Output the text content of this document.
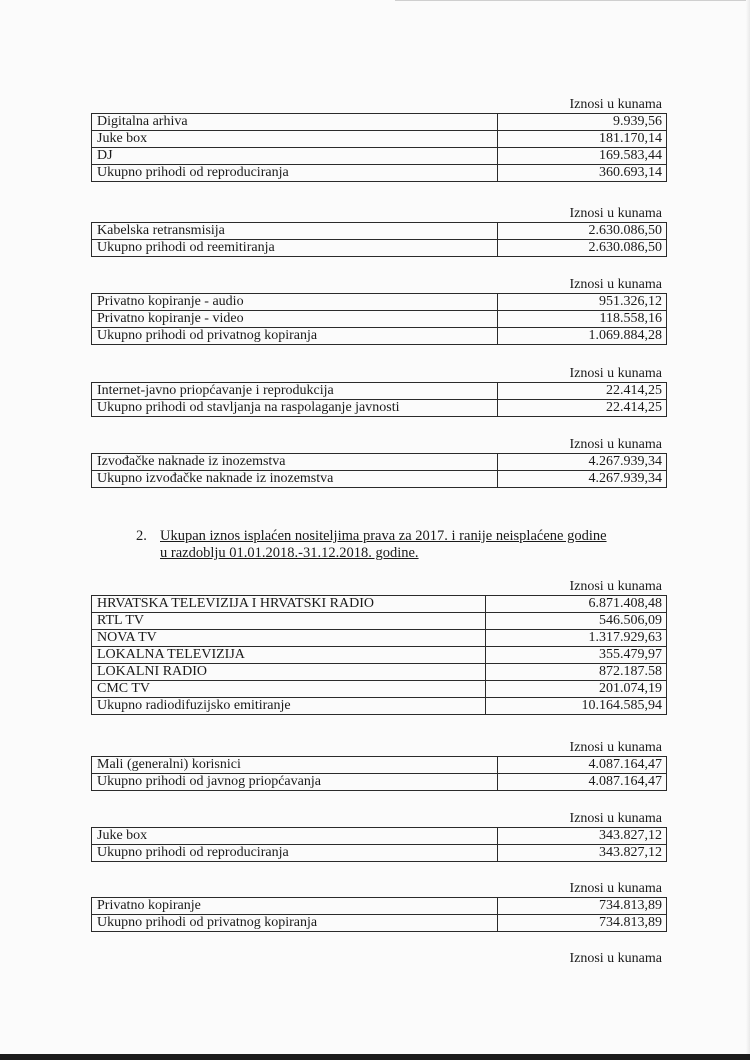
Iznosi u kunama
Digitalna arhiva	9.939,56
Juke box	181.170,14
DJ	169.583,44
Ukupno prihodi od reproduciranja	360.693,14
Iznosi u kunama
Kabelska retransmisija	2.630.086,50
Ukupno prihodi od reemitiranja	2.630.086,50
Iznosi u kunama
Privatno kopiranje - audio	951.326,12
Privatno kopiranje - video	118.558,16
Ukupno prihodi od privatnog kopiranja	1.069.884,28
Iznosi u kunama
Internet-javno priopćavanje i reprodukcija	22.414,25
Ukupno prihodi od stavljanja na raspolaganje javnosti	22.414,25
Iznosi u kunama
Izvođačke naknade iz inozemstva	4.267.939,34
Ukupno izvođačke naknade iz inozemstva	4.267.939,34
2. Ukupan iznos isplaćen nositeljima prava za 2017. i ranije neisplaćene godine
u razdoblju 01.01.2018.-31.12.2018. godine.
Iznosi u kunama
HRVATSKA TELEVIZIJA I HRVATSKI RADIO	6.871.408,48
RTL TV	546.506,09
NOVA TV	1.317.929,63
LOKALNA TELEVIZIJA	355.479,97
LOKALNI RADIO	872.187.58
CMC TV	201.074,19
Ukupno radiodifuzijsko emitiranje	10.164.585,94
Iznosi u kunama
Mali (generalni) korisnici	4.087.164,47
Ukupno prihodi od javnog priopćavanja	4.087.164,47
Iznosi u kunama
Juke box	343.827,12
Ukupno prihodi od reproduciranja	343.827,12
Iznosi u kunama
Privatno kopiranje	734.813,89
Ukupno prihodi od privatnog kopiranja	734.813,89
Iznosi u kunama
